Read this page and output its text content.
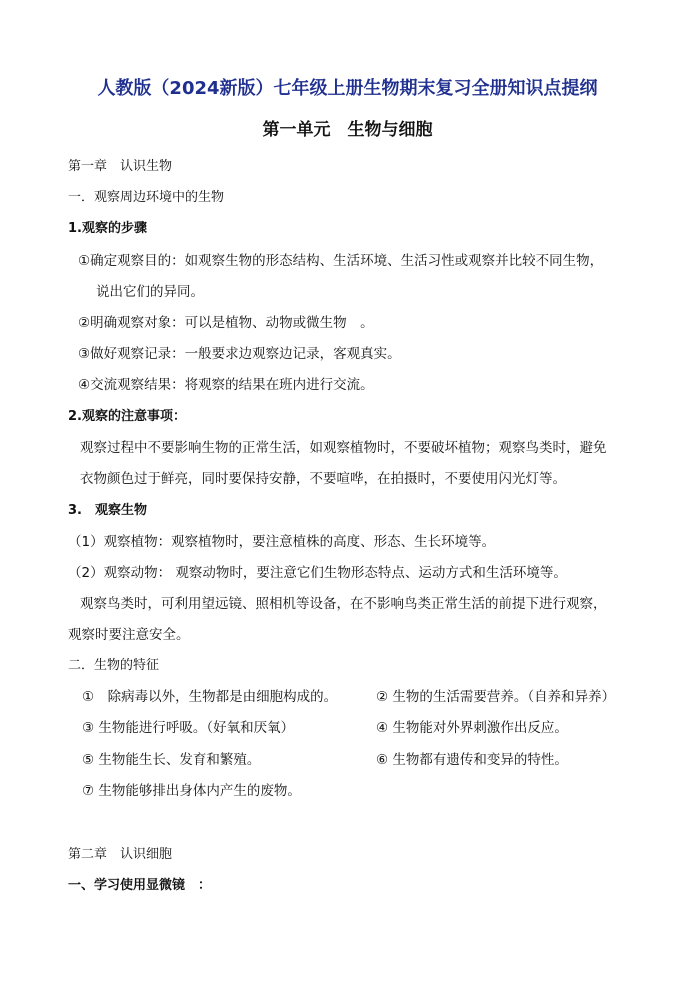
人教版（2024新版）七年级上册生物期末复习全册知识点提纲
第一单元　生物与细胞
第一章　认识生物
一．观察周边环境中的生物
1.观察的步骤
①确定观察目的：如观察生物的形态结构、生活环境、生活习性或观察并比较不同生物，
说出它们的异同。
②明确观察对象：可以是植物、动物或微生物　。
③做好观察记录：一般要求边观察边记录，客观真实。
④交流观察结果：将观察的结果在班内进行交流。
2.观察的注意事项：
观察过程中不要影响生物的正常生活，如观察植物时，不要破坏植物；观察鸟类时，避免
衣物颜色过于鲜亮，同时要保持安静，不要喧哗，在拍摄时，不要使用闪光灯等。
3.　观察生物
（1）观察植物：观察植物时，要注意植株的高度、形态、生长环境等。
（2）观察动物： 观察动物时，要注意它们生物形态特点、运动方式和生活环境等。
观察鸟类时，可利用望远镜、照相机等设备，在不影响鸟类正常生活的前提下进行观察，
观察时要注意安全。
二．生物的特征
①　除病毒以外，生物都是由细胞构成的。	② 生物的生活需要营养。（自养和异养）
③ 生物能进行呼吸。（好氧和厌氧）	④ 生物能对外界刺激作出反应。
⑤ 生物能生长、发育和繁殖。	⑥ 生物都有遗传和变异的特性。
⑦ 生物能够排出身体内产生的废物。
第二章　认识细胞
一、学习使用显微镜　：
